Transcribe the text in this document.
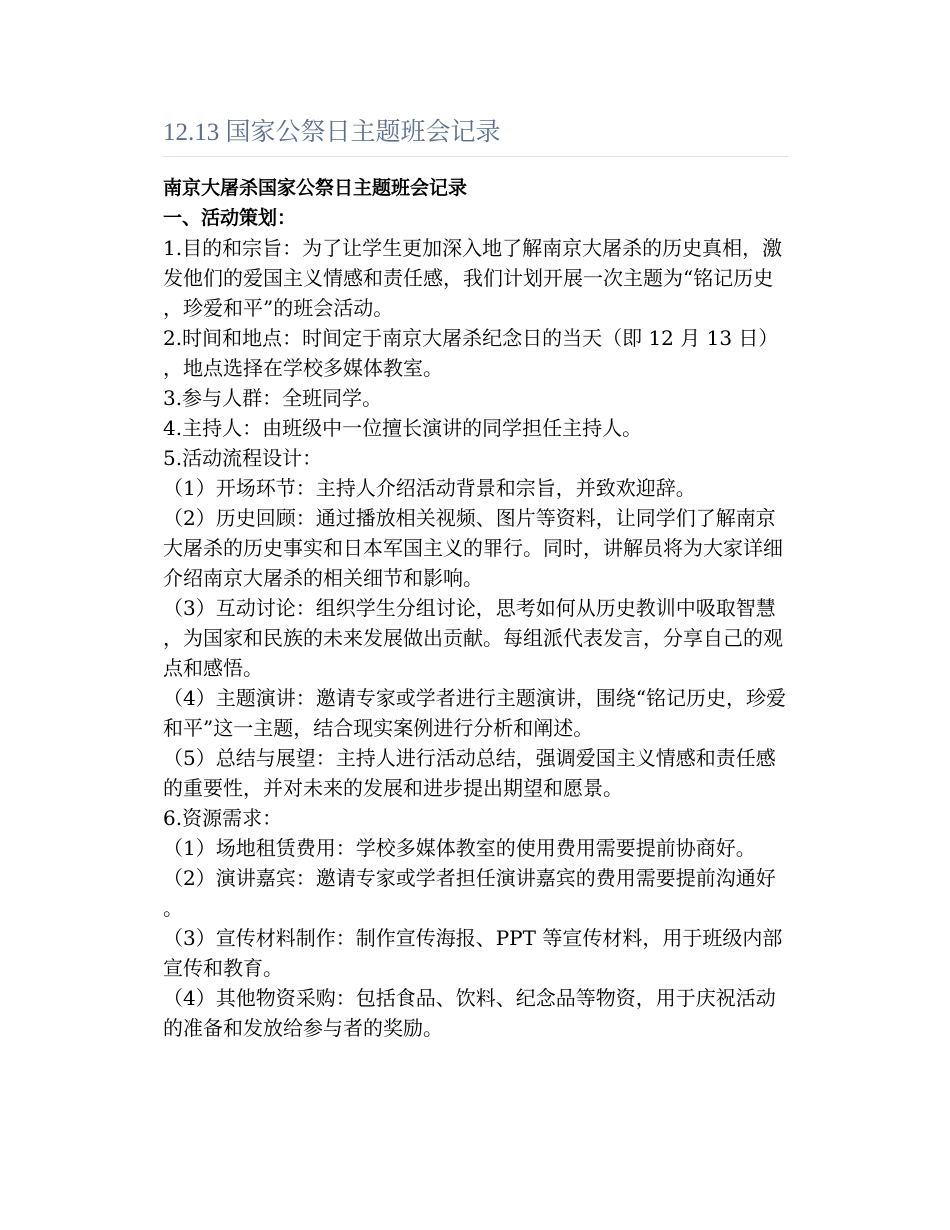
12.13 国家公祭日主题班会记录

南京大屠杀国家公祭日主题班会记录

一、活动策划：

1.目的和宗旨：为了让学生更加深入地了解南京大屠杀的历史真相，激发他们的爱国主义情感和责任感，我们计划开展一次主题为“铭记历史，珍爱和平”的班会活动。

2.时间和地点：时间定于南京大屠杀纪念日的当天（即 12 月 13 日），地点选择在学校多媒体教室。

3.参与人群：全班同学。

4.主持人：由班级中一位擅长演讲的同学担任主持人。

5.活动流程设计：

（1）开场环节：主持人介绍活动背景和宗旨，并致欢迎辞。

（2）历史回顾：通过播放相关视频、图片等资料，让同学们了解南京大屠杀的历史事实和日本军国主义的罪行。同时，讲解员将为大家详细介绍南京大屠杀的相关细节和影响。

（3）互动讨论：组织学生分组讨论，思考如何从历史教训中吸取智慧，为国家和民族的未来发展做出贡献。每组派代表发言，分享自己的观点和感悟。

（4）主题演讲：邀请专家或学者进行主题演讲，围绕“铭记历史，珍爱和平”这一主题，结合现实案例进行分析和阐述。

（5）总结与展望：主持人进行活动总结，强调爱国主义情感和责任感的重要性，并对未来的发展和进步提出期望和愿景。

6.资源需求：

（1）场地租赁费用：学校多媒体教室的使用费用需要提前协商好。

（2）演讲嘉宾：邀请专家或学者担任演讲嘉宾的费用需要提前沟通好。

（3）宣传材料制作：制作宣传海报、PPT 等宣传材料，用于班级内部宣传和教育。

（4）其他物资采购：包括食品、饮料、纪念品等物资，用于庆祝活动的准备和发放给参与者的奖励。
